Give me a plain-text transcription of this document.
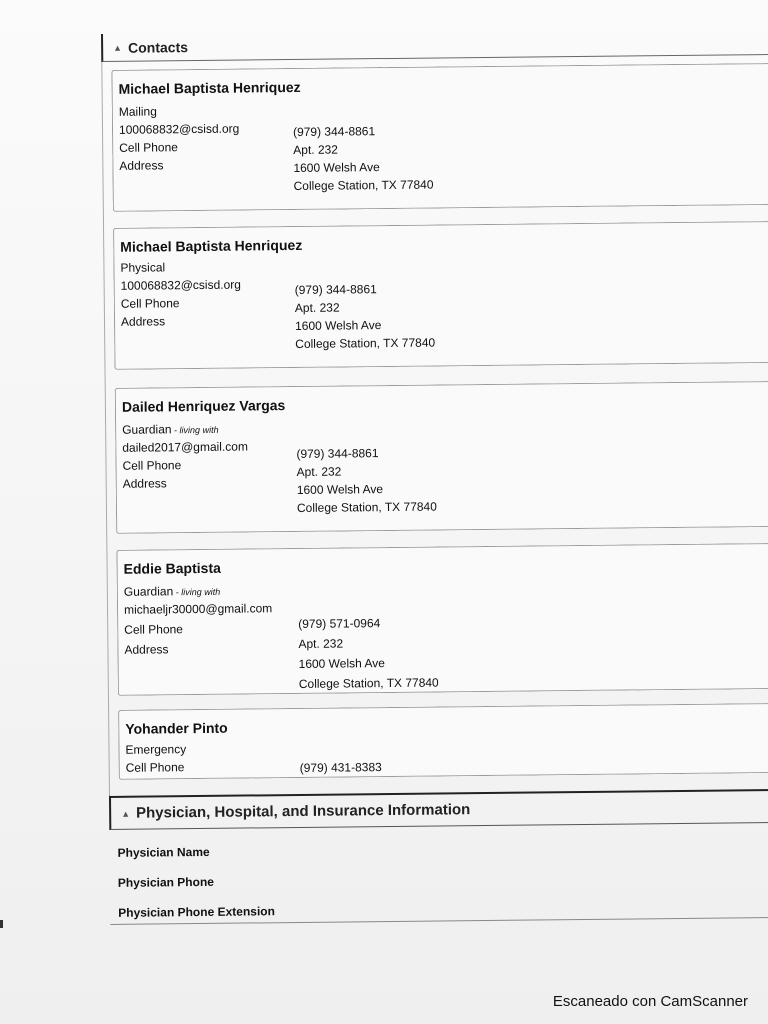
▲ Contacts
Michael Baptista Henriquez
Mailing
100068832@csisd.org
Cell Phone
Address
(979) 344-8861
Apt. 232
1600 Welsh Ave
College Station, TX 77840
Michael Baptista Henriquez
Physical
100068832@csisd.org
Cell Phone
Address
(979) 344-8861
Apt. 232
1600 Welsh Ave
College Station, TX 77840
Dailed Henriquez Vargas
Guardian - living with
dailed2017@gmail.com
Cell Phone
Address
(979) 344-8861
Apt. 232
1600 Welsh Ave
College Station, TX 77840
Eddie Baptista
Guardian - living with
michaeljr30000@gmail.com
Cell Phone
Address
(979) 571-0964
Apt. 232
1600 Welsh Ave
College Station, TX 77840
Yohander Pinto
Emergency
Cell Phone	(979) 431-8383
▲ Physician, Hospital, and Insurance Information
Physician Name
Physician Phone
Physician Phone Extension
Escaneado con CamScanner
